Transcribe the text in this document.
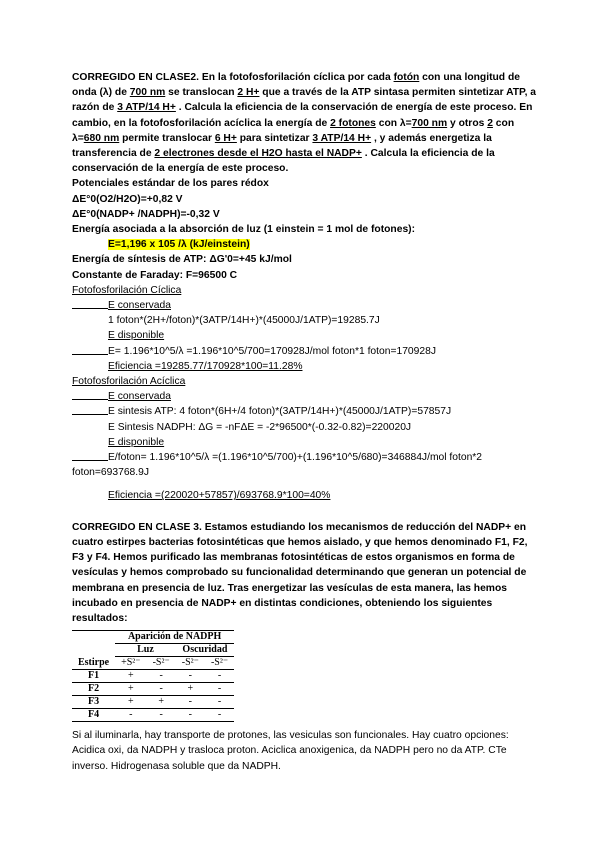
CORREGIDO EN CLASE2. En la fotofosforilación cíclica por cada fotón con una longitud de onda (λ) de 700 nm se translocan 2 H+ que a través de la ATP sintasa permiten sintetizar ATP, a razón de 3 ATP/14 H+ . Calcula la eficiencia de la conservación de energía de este proceso. En cambio, en la fotofosforilación acíclica la energía de 2 fotones con λ=700 nm y otros 2 con λ=680 nm permite translocar 6 H+ para sintetizar 3 ATP/14 H+ , y además energetiza la transferencia de 2 electrones desde el H2O hasta el NADP+ . Calcula la eficiencia de la conservación de la energía de este proceso.

Potenciales estándar de los pares rédox

ΔE°0(O2/H2O)=+0,82 V

ΔE°0(NADP+ /NADPH)=-0,32 V

Energía asociada a la absorción de luz (1 einstein = 1 mol de fotones):

E=1,196 x 105 /λ (kJ/einstein)

Energía de síntesis de ATP: ΔG'0=+45 kJ/mol

Constante de Faraday: F=96500 C

Fotofosforilación Cíclica

E conservada

1 foton*(2H+/foton)*(3ATP/14H+)*(45000J/1ATP)=19285.7J

E disponible

E= 1.196*10^5/λ =1.196*10^5/700=170928J/mol foton*1 foton=170928J

Eficiencia =19285.77/170928*100=11.28%

Fotofosforilación Acíclica

E conservada

E sintesis ATP: 4 foton*(6H+/4 foton)*(3ATP/14H+)*(45000J/1ATP)=57857J

E Sintesis NADPH: ΔG = -nFΔE = -2*96500*(-0.32-0.82)=220020J

E disponible

E/foton= 1.196*10^5/λ =(1.196*10^5/700)+(1.196*10^5/680)=346884J/mol foton*2

foton=693768.9J

Eficiencia =(220020+57857)/693768.9*100=40%

CORREGIDO EN CLASE 3. Estamos estudiando los mecanismos de reducción del NADP+ en cuatro estirpes bacterias fotosintéticas que hemos aislado, y que hemos denominado F1, F2, F3 y F4. Hemos purificado las membranas fotosintéticas de estos organismos en forma de vesículas y hemos comprobado su funcionalidad determinando que generan un potencial de membrana en presencia de luz. Tras energetizar las vesículas de esta manera, las hemos incubado en presencia de NADP+ en distintas condiciones, obteniendo los siguientes resultados:

	Aparición de NADPH			
	Luz		Oscuridad	
Estirpe	+S²⁻	-S²⁻	-S²⁻	-S²⁻
F1	+	-	-	-
F2	+	-	+	-
F3	+	+	-	-
F4	-	-	-	-

Si al iluminarla, hay transporte de protones, las vesiculas son funcionales. Hay cuatro opciones: Acidica oxi, da NADPH y trasloca proton. Aciclica anoxigenica, da NADPH pero no da ATP. CTe inverso. Hidrogenasa soluble que da NADPH.
